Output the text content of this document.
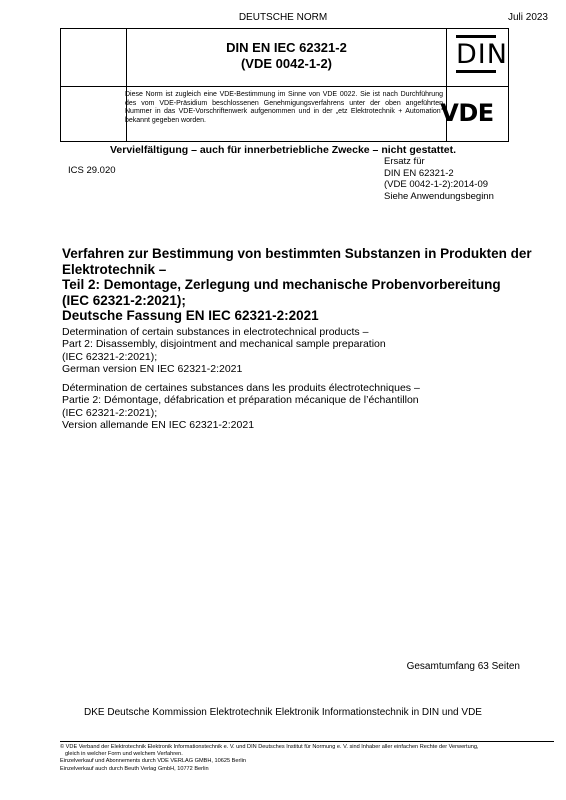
DEUTSCHE NORM	Juli 2023
DIN EN IEC 62321-2
(VDE 0042-1-2)	DIN
Diese Norm ist zugleich eine VDE-Bestimmung im Sinne von VDE 0022. Sie ist nach Durchführung des vom VDE-Präsidium beschlossenen Genehmigungsverfahrens unter der oben angeführten Nummer in das VDE-Vorschriftenwerk aufgenommen und in der „etz Elektrotechnik + Automation“ bekannt gegeben worden.	VDE
Vervielfältigung – auch für innerbetriebliche Zwecke – nicht gestattet.
ICS 29.020
Ersatz für
DIN EN 62321-2
(VDE 0042-1-2):2014-09
Siehe Anwendungsbeginn
Verfahren zur Bestimmung von bestimmten Substanzen in Produkten der
Elektrotechnik –
Teil 2: Demontage, Zerlegung und mechanische Probenvorbereitung
(IEC 62321-2:2021);
Deutsche Fassung EN IEC 62321-2:2021
Determination of certain substances in electrotechnical products –
Part 2: Disassembly, disjointment and mechanical sample preparation
(IEC 62321-2:2021);
German version EN IEC 62321-2:2021
Détermination de certaines substances dans les produits électrotechniques –
Partie 2: Démontage, défabrication et préparation mécanique de l’échantillon
(IEC 62321-2:2021);
Version allemande EN IEC 62321-2:2021
Gesamtumfang 63 Seiten
DKE Deutsche Kommission Elektrotechnik Elektronik Informationstechnik in DIN und VDE
© VDE Verband der Elektrotechnik Elektronik Informationstechnik e. V. und DIN Deutsches Institut für Normung e. V. sind Inhaber aller einfachen Rechte der Verwertung,
gleich in welcher Form und welchem Verfahren.
Einzelverkauf und Abonnements durch VDE VERLAG GMBH, 10625 Berlin
Einzelverkauf auch durch Beuth Verlag GmbH, 10772 Berlin
